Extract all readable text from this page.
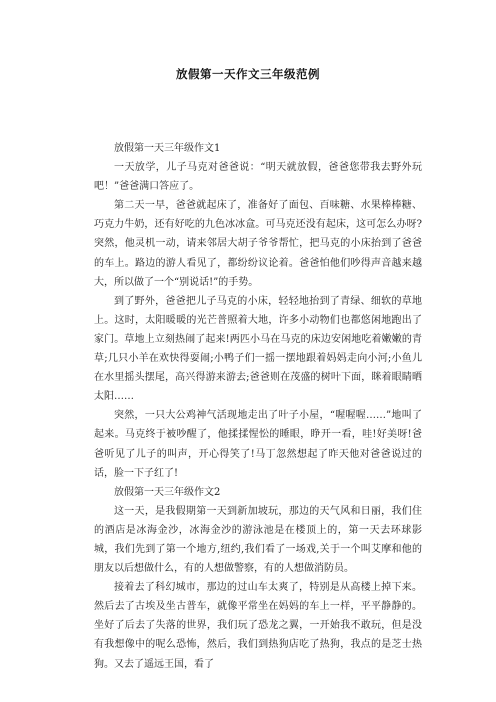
放假第一天作文三年级范例

放假第一天三年级作文1

一天放学，儿子马克对爸爸说：“明天就放假，爸爸您带我去野外玩吧！”爸爸满口答应了。

第二天一早，爸爸就起床了，准备好了面包、百味糖、水果棒棒糖、巧克力牛奶，还有好吃的九色冰冰盒。可马克还没有起床，这可怎么办呀?突然，他灵机一动，请来邻居大胡子爷爷帮忙，把马克的小床抬到了爸爸的车上。路边的游人看见了，都纷纷议论着。爸爸怕他们吵得声音越来越大，所以做了一个“别说话!”的手势。

到了野外，爸爸把儿子马克的小床，轻轻地抬到了青绿、细软的草地上。这时，太阳暖暖的光芒普照着大地，许多小动物们也都悠闲地跑出了家门。草地上立刻热闹了起来!两匹小马在马克的床边安闲地吃着嫩嫩的青草;几只小羊在欢快得耍闹;小鸭子们一摇一摆地跟着妈妈走向小河;小鱼儿在水里摇头摆尾，高兴得游来游去;爸爸则在茂盛的树叶下面，眯着眼睛晒太阳……

突然，一只大公鸡神气活现地走出了叶子小屋，“喔喔喔……”地叫了起来。马克终于被吵醒了，他揉揉惺忪的睡眼，睁开一看，哇!好美呀!爸爸听见了儿子的叫声，开心得笑了!马丁忽然想起了昨天他对爸爸说过的话，脸一下子红了!

放假第一天三年级作文2

这一天，是我假期第一天到新加坡玩，那边的天气风和日丽，我们住的酒店是冰海金沙，冰海金沙的游泳池是在楼顶上的，第一天去环球影城，我们先到了第一个地方,纽约,我们看了一场戏,关于一个叫艾摩和他的朋友以后想做什么，有的人想做警察，有的人想做消防员。

接着去了科幻城市，那边的过山车太爽了，特别是从高楼上掉下来。然后去了古埃及坐古普车，就像平常坐在妈妈的车上一样，平平静静的。坐好了后去了失落的世界，我们玩了恐龙之翼，一开始我不敢玩，但是没有我想像中的呢么恐怖，然后，我们到热狗店吃了热狗，我点的是芝士热狗。又去了遥远王国，看了
